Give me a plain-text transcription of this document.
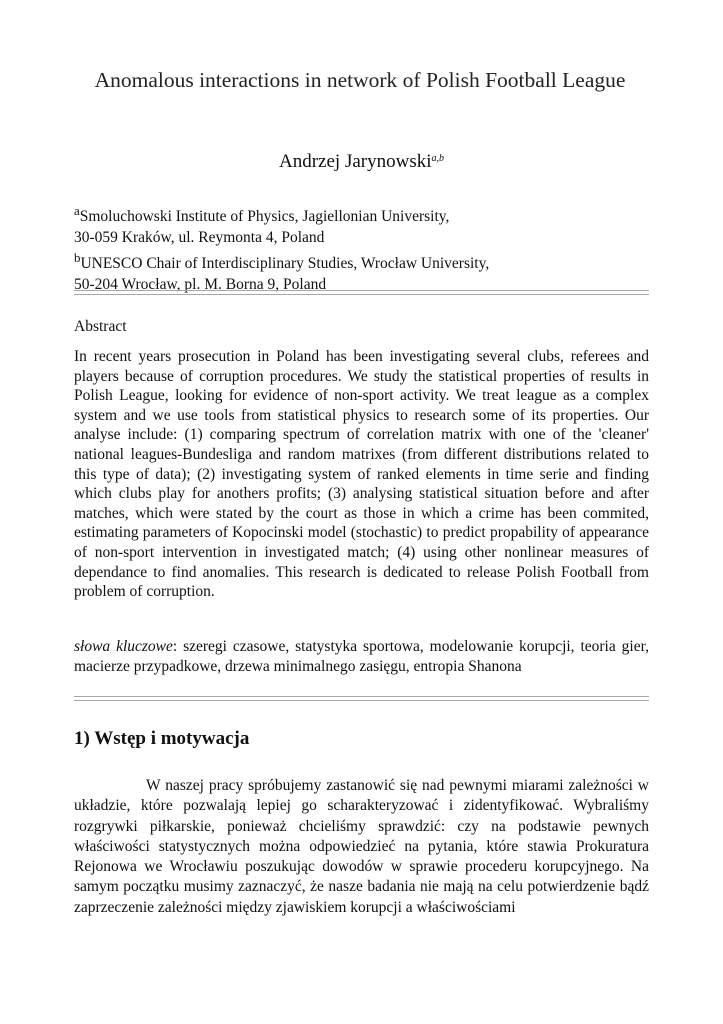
Anomalous interactions in network of Polish Football League
Andrzej Jarynowski$^{a,b}$
$^a$Smoluchowski Institute of Physics, Jagiellonian University,
30-059 Kraków, ul. Reymonta 4, Poland
$^b$UNESCO Chair of Interdisciplinary Studies, Wrocław University,
50-204 Wrocław, pl. M. Borna 9, Poland
Abstract
In recent years prosecution in Poland has been investigating several clubs, referees and players because of corruption procedures. We study the statistical properties of results in Polish League, looking for evidence of non-sport activity. We treat league as a complex system and we use tools from statistical physics to research some of its properties. Our analyse include: (1) comparing spectrum of correlation matrix with one of the 'cleaner' national leagues-Bundesliga and random matrixes (from different distributions related to this type of data); (2) investigating system of ranked elements in time serie and finding which clubs play for anothers profits; (3) analysing statistical situation before and after matches, which were stated by the court as those in which a crime has been commited, estimating parameters of Kopocinski model (stochastic) to predict propability of appearance of non-sport intervention in investigated match; (4) using other nonlinear measures of dependance to find anomalies. This research is dedicated to release Polish Football from problem of corruption.
słowa kluczowe: szeregi czasowe, statystyka sportowa, modelowanie korupcji, teoria gier, macierze przypadkowe, drzewa minimalnego zasięgu, entropia Shanona
1) Wstęp i motywacja
W naszej pracy spróbujemy zastanowić się nad pewnymi miarami zależności w układzie, które pozwalają lepiej go scharakteryzować i zidentyfikować. Wybraliśmy rozgrywki piłkarskie, ponieważ chcieliśmy sprawdzić: czy na podstawie pewnych właściwości statystycznych można odpowiedzieć na pytania, które stawia Prokuratura Rejonowa we Wrocławiu poszukując dowodów w sprawie procederu korupcyjnego. Na samym początku musimy zaznaczyć, że nasze badania nie mają na celu potwierdzenie bądź zaprzeczenie zależności między zjawiskiem korupcji a właściwościami
